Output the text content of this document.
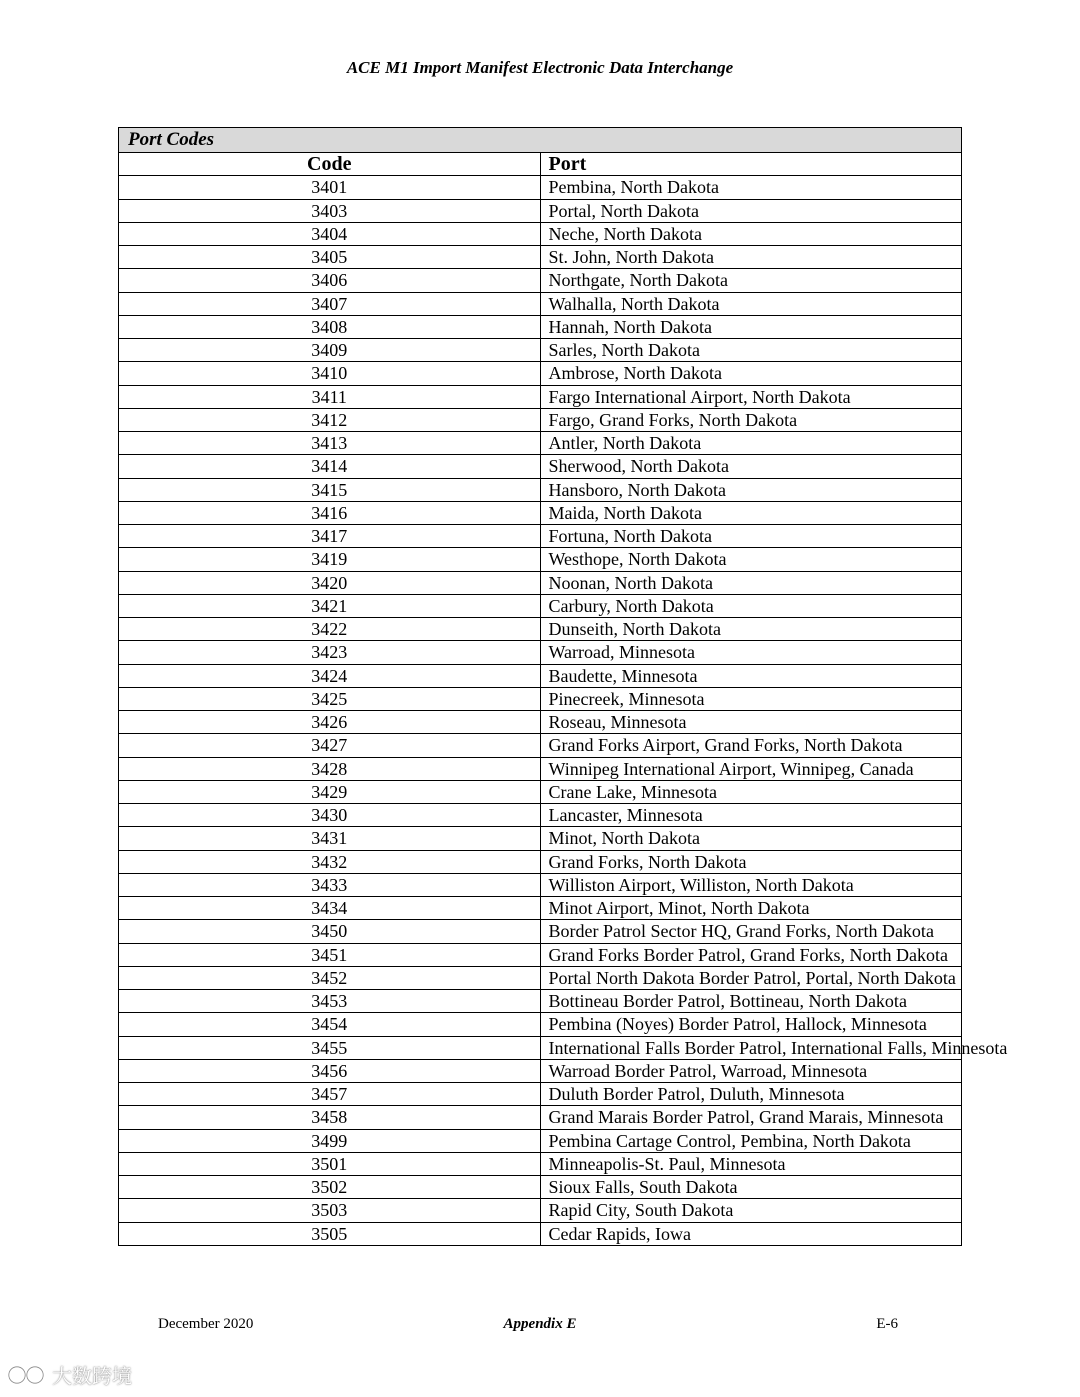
ACE M1 Import Manifest Electronic Data Interchange
Port Codes	
Code	Port
3401	Pembina, North Dakota
3403	Portal, North Dakota
3404	Neche, North Dakota
3405	St. John, North Dakota
3406	Northgate, North Dakota
3407	Walhalla, North Dakota
3408	Hannah, North Dakota
3409	Sarles, North Dakota
3410	Ambrose, North Dakota
3411	Fargo International Airport, North Dakota
3412	Fargo, Grand Forks, North Dakota
3413	Antler, North Dakota
3414	Sherwood, North Dakota
3415	Hansboro, North Dakota
3416	Maida, North Dakota
3417	Fortuna, North Dakota
3419	Westhope, North Dakota
3420	Noonan, North Dakota
3421	Carbury, North Dakota
3422	Dunseith, North Dakota
3423	Warroad, Minnesota
3424	Baudette, Minnesota
3425	Pinecreek, Minnesota
3426	Roseau, Minnesota
3427	Grand Forks Airport, Grand Forks, North Dakota
3428	Winnipeg International Airport, Winnipeg, Canada
3429	Crane Lake, Minnesota
3430	Lancaster, Minnesota
3431	Minot, North Dakota
3432	Grand Forks, North Dakota
3433	Williston Airport, Williston, North Dakota
3434	Minot Airport, Minot, North Dakota
3450	Border Patrol Sector HQ, Grand Forks, North Dakota
3451	Grand Forks Border Patrol, Grand Forks, North Dakota
3452	Portal North Dakota Border Patrol, Portal, North Dakota
3453	Bottineau Border Patrol, Bottineau, North Dakota
3454	Pembina (Noyes) Border Patrol, Hallock, Minnesota
3455	International Falls Border Patrol, International Falls, Minnesota
3456	Warroad Border Patrol, Warroad, Minnesota
3457	Duluth Border Patrol, Duluth, Minnesota
3458	Grand Marais Border Patrol, Grand Marais, Minnesota
3499	Pembina Cartage Control, Pembina, North Dakota
3501	Minneapolis-St. Paul, Minnesota
3502	Sioux Falls, South Dakota
3503	Rapid City, South Dakota
3505	Cedar Rapids, Iowa
December 2020	Appendix E	E-6
大数跨境
